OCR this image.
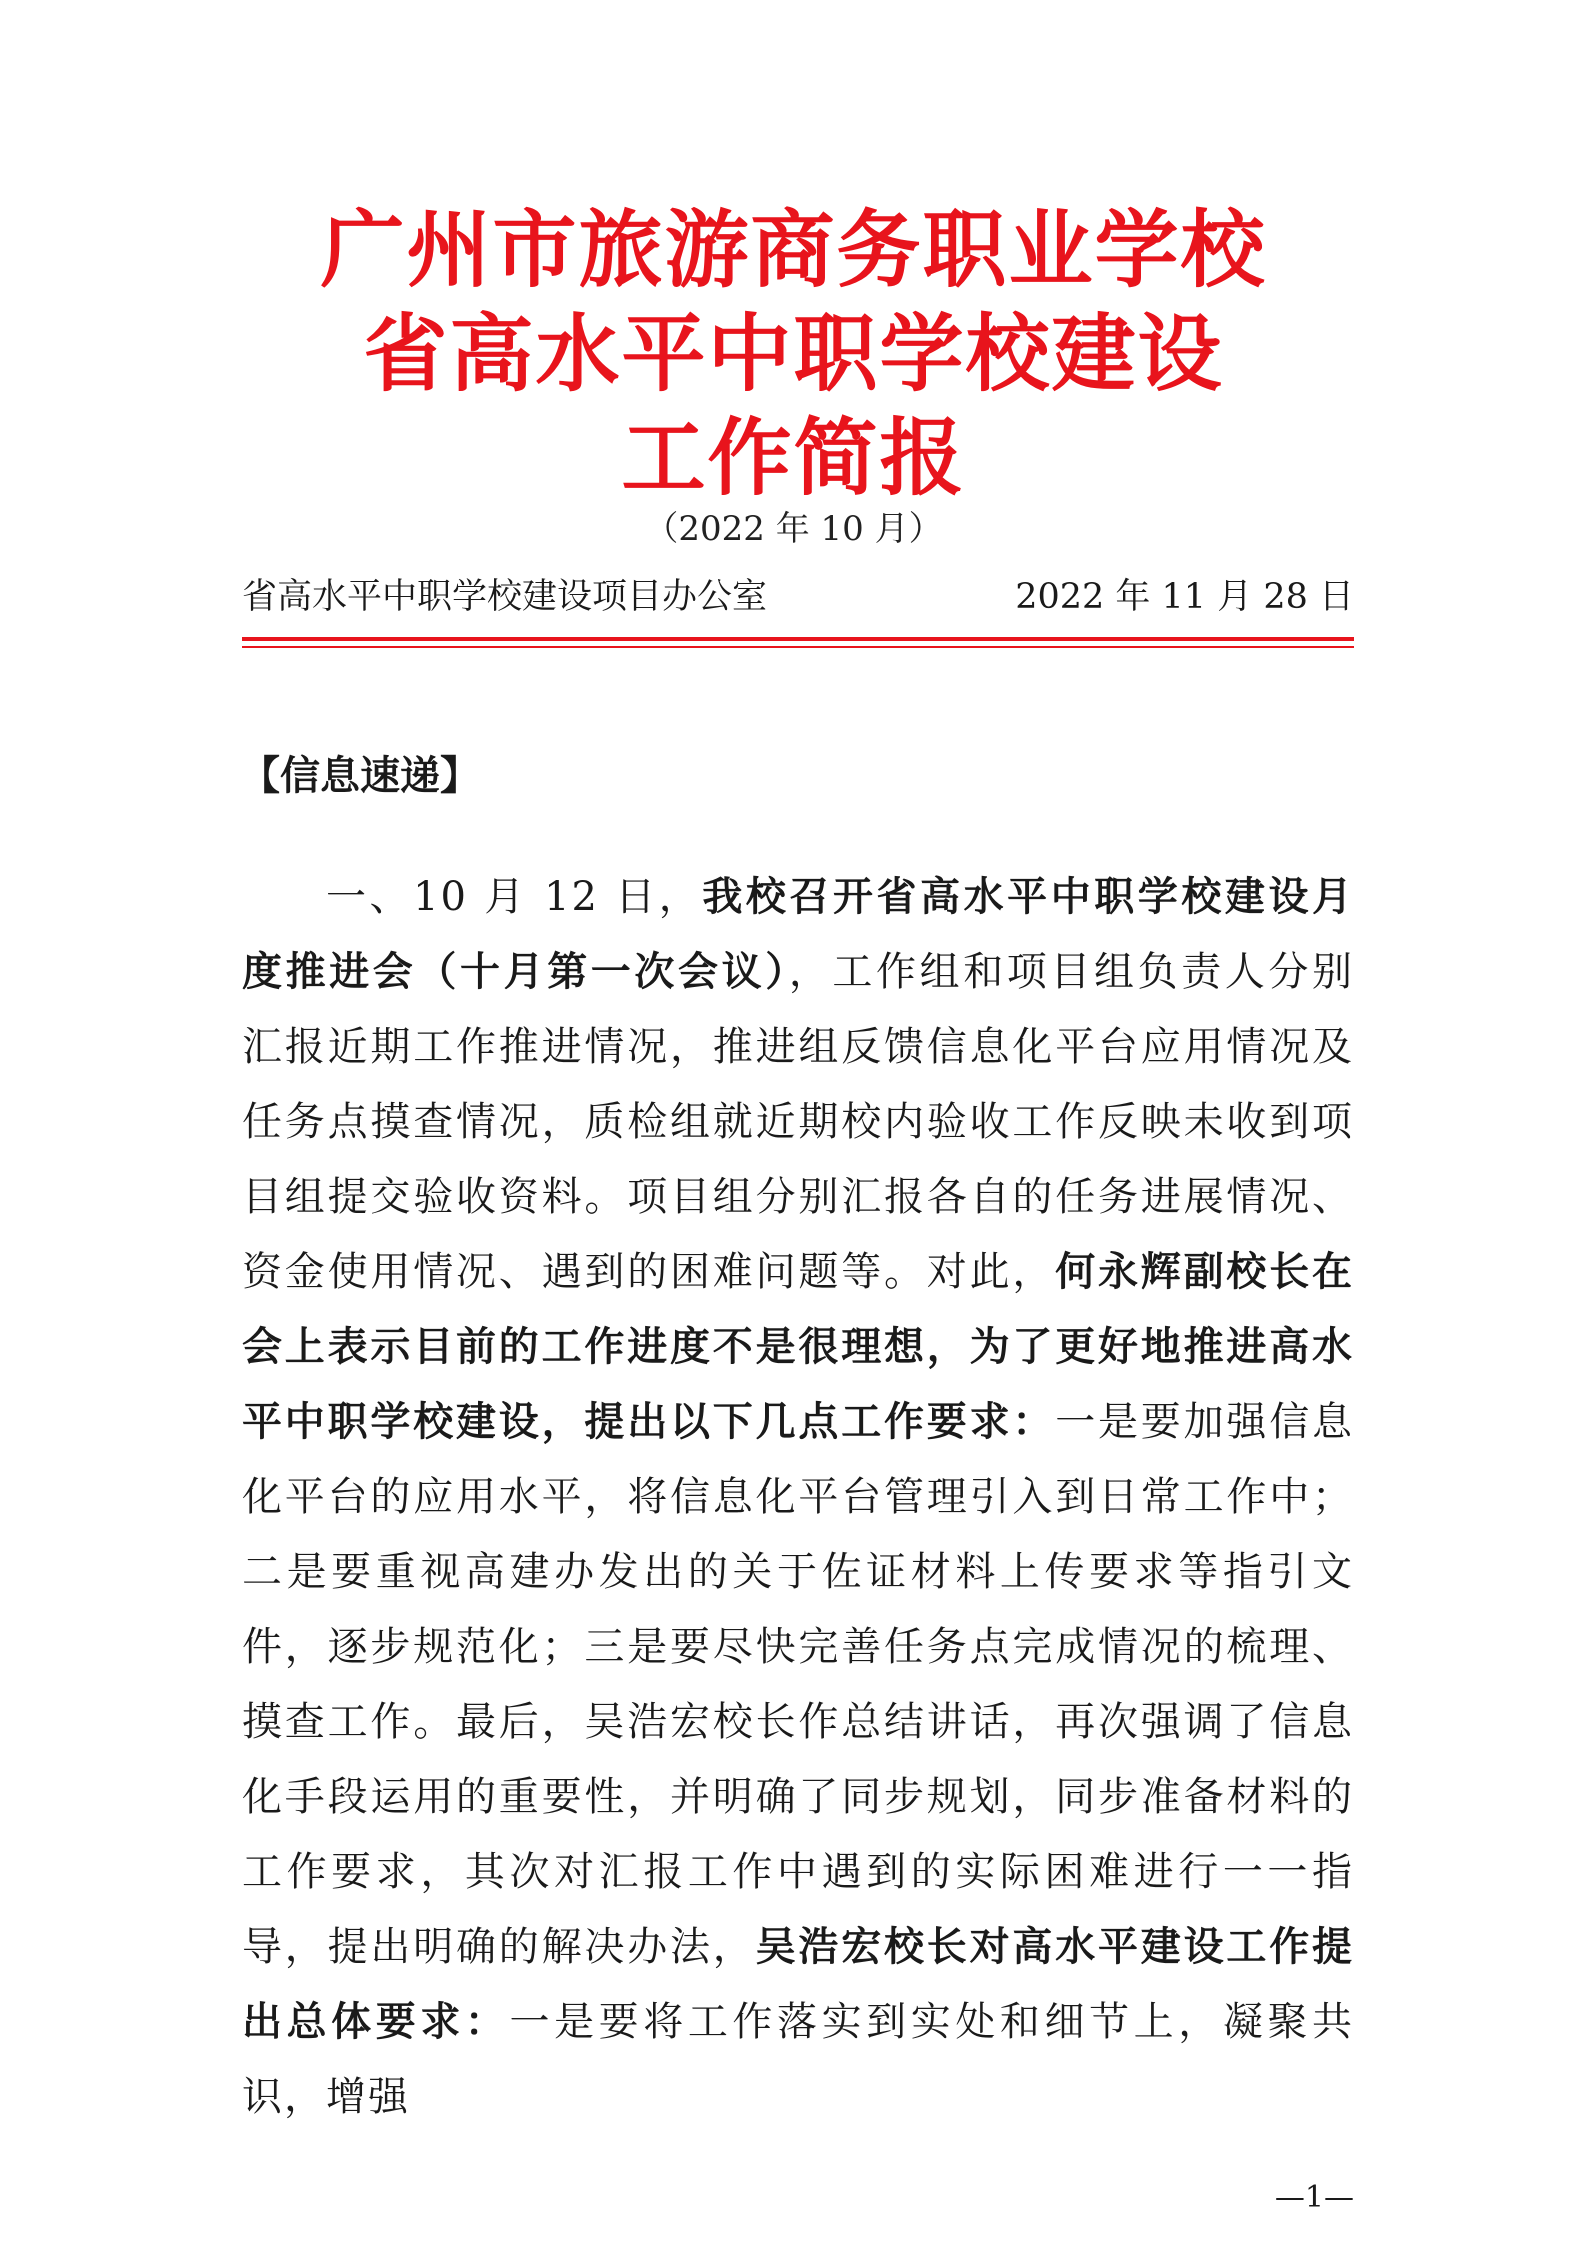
广州市旅游商务职业学校
省高水平中职学校建设
工作简报
（2022 年 10 月）
省高水平中职学校建设项目办公室	2022 年 11 月 28 日
【信息速递】
一、10 月 12 日，我校召开省高水平中职学校建设月度推进会（十月第一次会议），工作组和项目组负责人分别汇报近期工作推进情况，推进组反馈信息化平台应用情况及任务点摸查情况，质检组就近期校内验收工作反映未收到项目组提交验收资料。项目组分别汇报各自的任务进展情况、资金使用情况、遇到的困难问题等。对此，何永辉副校长在会上表示目前的工作进度不是很理想，为了更好地推进高水平中职学校建设，提出以下几点工作要求：一是要加强信息化平台的应用水平，将信息化平台管理引入到日常工作中；二是要重视高建办发出的关于佐证材料上传要求等指引文件，逐步规范化；三是要尽快完善任务点完成情况的梳理、摸查工作。最后，吴浩宏校长作总结讲话，再次强调了信息化手段运用的重要性，并明确了同步规划，同步准备材料的工作要求，其次对汇报工作中遇到的实际困难进行一一指导，提出明确的解决办法，吴浩宏校长对高水平建设工作提出总体要求：一是要将工作落实到实处和细节上，凝聚共识，增强
—1—
